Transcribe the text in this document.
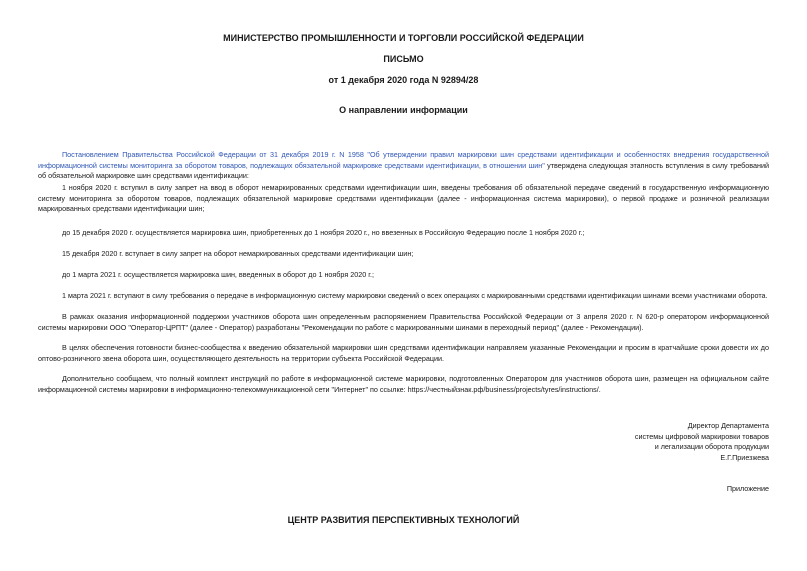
МИНИСТЕРСТВО ПРОМЫШЛЕННОСТИ И ТОРГОВЛИ РОССИЙСКОЙ ФЕДЕРАЦИИ
ПИСЬМО
от 1 декабря 2020 года N 92894/28
О направлении информации

Постановлением Правительства Российской Федерации от 31 декабря 2019 г. N 1958 "Об утверждении правил маркировки шин средствами идентификации и особенностях внедрения государственной информационной системы мониторинга за оборотом товаров, подлежащих обязательной маркировке средствами идентификации, в отношении шин" утверждена следующая этапность вступления в силу требований об обязательной маркировке шин средствами идентификации:

1 ноября 2020 г. вступил в силу запрет на ввод в оборот немаркированных средствами идентификации шин, введены требования об обязательной передаче сведений в государственную информационную систему мониторинга за оборотом товаров, подлежащих обязательной маркировке средствами идентификации (далее - информационная система маркировки), о первой продаже и розничной реализации маркированных средствами идентификации шин;

до 15 декабря 2020 г. осуществляется маркировка шин, приобретенных до 1 ноября 2020 г., но ввезенных в Российскую Федерацию после 1 ноября 2020 г.;

15 декабря 2020 г. вступает в силу запрет на оборот немаркированных средствами идентификации шин;

до 1 марта 2021 г. осуществляется маркировка шин, введенных в оборот до 1 ноября 2020 г.;

1 марта 2021 г. вступают в силу требования о передаче в информационную систему маркировки сведений о всех операциях с маркированными средствами идентификации шинами всеми участниками оборота.

В рамках оказания информационной поддержки участников оборота шин определенным распоряжением Правительства Российской Федерации от 3 апреля 2020 г. N 620-р оператором информационной системы маркировки ООО "Оператор-ЦРПТ" (далее - Оператор) разработаны "Рекомендации по работе с маркированными шинами в переходный период" (далее - Рекомендации).

В целях обеспечения готовности бизнес-сообщества к введению обязательной маркировки шин средствами идентификации направляем указанные Рекомендации и просим в кратчайшие сроки довести их до оптово-розничного звена оборота шин, осуществляющего деятельность на территории субъекта Российской Федерации.

Дополнительно сообщаем, что полный комплект инструкций по работе в информационной системе маркировки, подготовленных Оператором для участников оборота шин, размещен на официальном сайте информационной системы маркировки в информационно-телекоммуникационной сети "Интернет" по ссылке: https://честныйзнак.рф/business/projects/tyres/instructions/.

Директор Департамента
системы цифровой маркировки товаров
и легализации оборота продукции
Е.Г.Приезжева
Приложение
ЦЕНТР РАЗВИТИЯ ПЕРСПЕКТИВНЫХ ТЕХНОЛОГИЙ
